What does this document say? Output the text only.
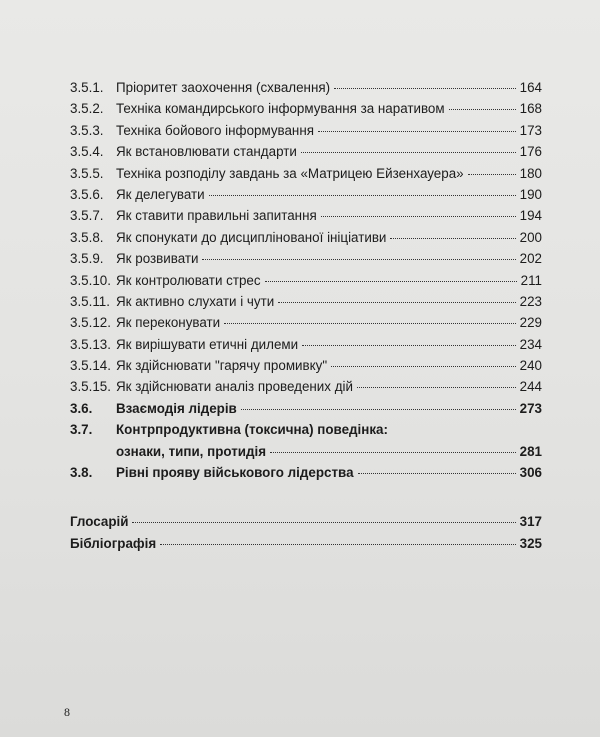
3.5.1. Пріоритет заохочення (схвалення)	164
3.5.2. Техніка командирського інформування за наративом	168
3.5.3. Техніка бойового інформування	173
3.5.4. Як встановлювати стандарти	176
3.5.5. Техніка розподілу завдань за «Матрицею Ейзенхауера»	180
3.5.6. Як делегувати	190
3.5.7. Як ставити правильні запитання	194
3.5.8. Як спонукати до дисциплінованої ініціативи	200
3.5.9. Як розвивати	202
3.5.10. Як контролювати стрес	211
3.5.11. Як активно слухати і чути	223
3.5.12. Як переконувати	229
3.5.13. Як вирішувати етичні дилеми	234
3.5.14. Як здійснювати "гарячу промивку"	240
3.5.15. Як здійснювати аналіз проведених дій	244
3.6.	Взаємодія лідерів	273
3.7.	Контрпродуктивна (токсична) поведінка:
ознаки, типи, протидія	281
3.8.	Рівні прояву військового лідерства	306
Глосарій	317
Бібліографія	325
8
